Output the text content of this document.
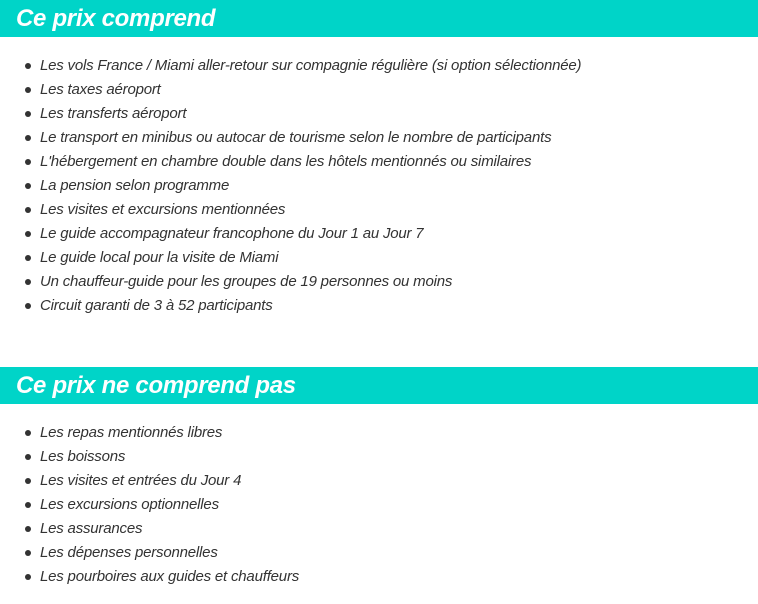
Ce prix comprend
Les vols France / Miami aller-retour sur compagnie régulière (si option sélectionnée)
Les taxes aéroport
Les transferts aéroport
Le transport en minibus ou autocar de tourisme selon le nombre de participants
L'hébergement en chambre double dans les hôtels mentionnés ou similaires
La pension selon programme
Les visites et excursions mentionnées
Le guide accompagnateur francophone du Jour 1 au Jour 7
Le guide local pour la visite de Miami
Un chauffeur-guide pour les groupes de 19 personnes ou moins
Circuit garanti de 3 à 52 participants
Ce prix ne comprend pas
Les repas mentionnés libres
Les boissons
Les visites et entrées du Jour 4
Les excursions optionnelles
Les assurances
Les dépenses personnelles
Les pourboires aux guides et chauffeurs
